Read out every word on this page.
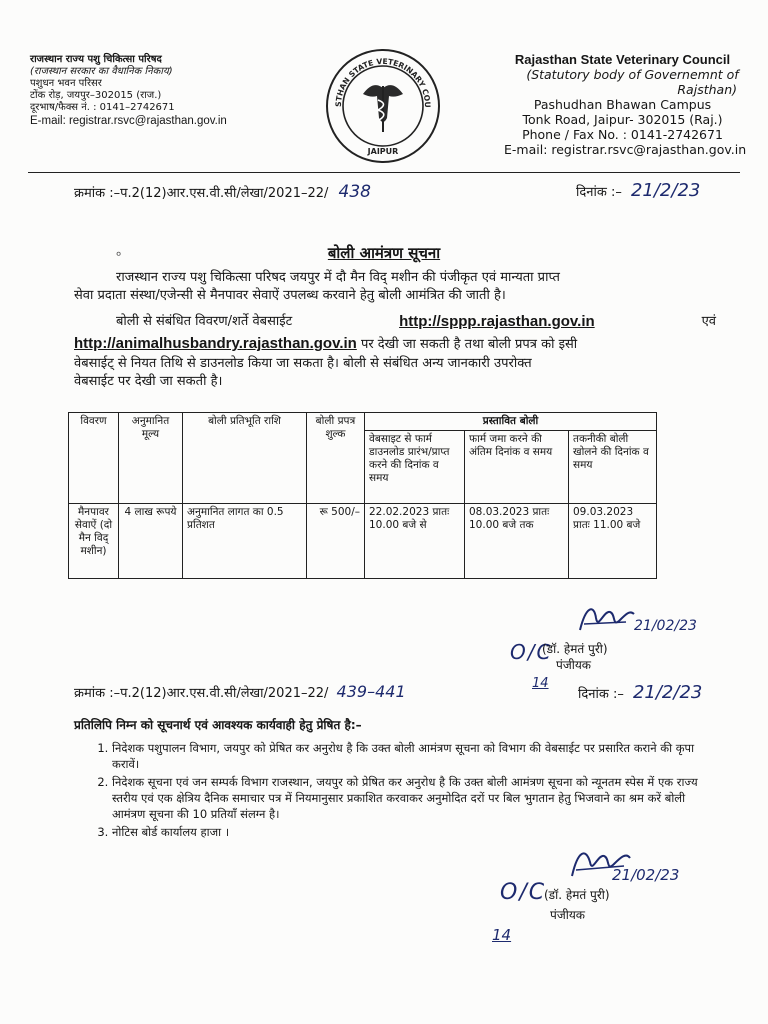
राजस्थान राज्य पशु चिकित्सा परिषद
(राजस्थान सरकार का वैधानिक निकाय)
पशुधन भवन परिसर
टोंक रोड़, जयपुर–302015 (राज.)
दूरभाष/फैक्स नं. : 0141–2742671
E-mail: registrar.rsvc@rajasthan.gov.in
STHAN STATE VETERINARY COU
JAIPUR
Rajasthan State Veterinary Council
(Statutory body of Governemnt of
Rajsthan)
Pashudhan Bhawan Campus
Tonk Road, Jaipur- 302015 (Raj.)
Phone / Fax No. : 0141-2742671
E-mail: registrar.rsvc@rajasthan.gov.in
क्रमांक :–प.2(12)आर.एस.वी.सी/लेखा/2021–22/ 438	दिनांक :– 21/2/23
बोली आमंत्रण सूचना
०
राजस्थान राज्य पशु चिकित्सा परिषद जयपुर में दौ मैन विद् मशीन की पंजीकृत एवं मान्यता प्राप्त
सेवा प्रदाता संस्था/एजेन्सी से मैनपावर सेवाऐं उपलब्ध करवाने हेतु बोली आमंत्रित की जाती है।
बोली से संबंधित विवरण/शर्ते वेबसाईट	http://sppp.rajasthan.gov.in	एवं
http://animalhusbandry.rajasthan.gov.in पर देखी जा सकती है तथा बोली प्रपत्र को इसी
वेबसाईट् से नियत तिथि से डाउनलोड किया जा सकता है। बोली से संबंधित अन्य जानकारी उपरोक्त
वेबसाईट पर देखी जा सकती है।
विवरण	अनुमानित मूल्य	बोली प्रतिभूति राशि	बोली प्रपत्र शुल्क	प्रस्तावित बोली		
				वेबसाइट से फार्म डाउनलोड प्रारंभ/प्राप्त करने की दिनांक व समय	फार्म जमा करने की अंतिम दिनांक व समय	तकनीकी बोली खोलने की दिनांक व समय
मैनपावर सेवाऐं (दो मैन विद् मशीन)	4 लाख रूपये	अनुमानित लागत का 0.5 प्रतिशत	रू 500/–	22.02.2023 प्रातः 10.00 बजे से	08.03.2023 प्रातः 10.00 बजे तक	09.03.2023 प्रातः 11.00 बजे
21/02/23
O/C
(डॉ. हेमतं पुरी)
पंजीयक
क्रमांक :–प.2(12)आर.एस.वी.सी/लेखा/2021–22/ 439–441	14
दिनांक :– 21/2/23
प्रतिलिपि निम्न को सूचनार्थ एवं आवश्यक कार्यवाही हेतु प्रेषित है:–
1. निदेशक पशुपालन विभाग, जयपुर को प्रेषित कर अनुरोध है कि उक्त बोली आमंत्रण सूचना को विभाग की वेबसाईट पर प्रसारित कराने की कृपा करावें।
2. निदेशक सूचना एवं जन सम्पर्क विभाग राजस्थान, जयपुर को प्रेषित कर अनुरोध है कि उक्त बोली आमंत्रण सूचना को न्यूनतम स्पेस में एक राज्य स्तरीय एवं एक क्षेत्रिय दैनिक समाचार पत्र में नियमानुसार प्रकाशित करवाकर अनुमोदित दरों पर बिल भुगतान हेतु भिजवाने का श्रम करें बोली आमंत्रण सूचना की 10 प्रतियॉं संलग्न है।
3. नोटिस बोर्ड कार्यालय हाजा ।
21/02/23
O/C
(डॉ. हेमतं पुरी)
पंजीयक
14
